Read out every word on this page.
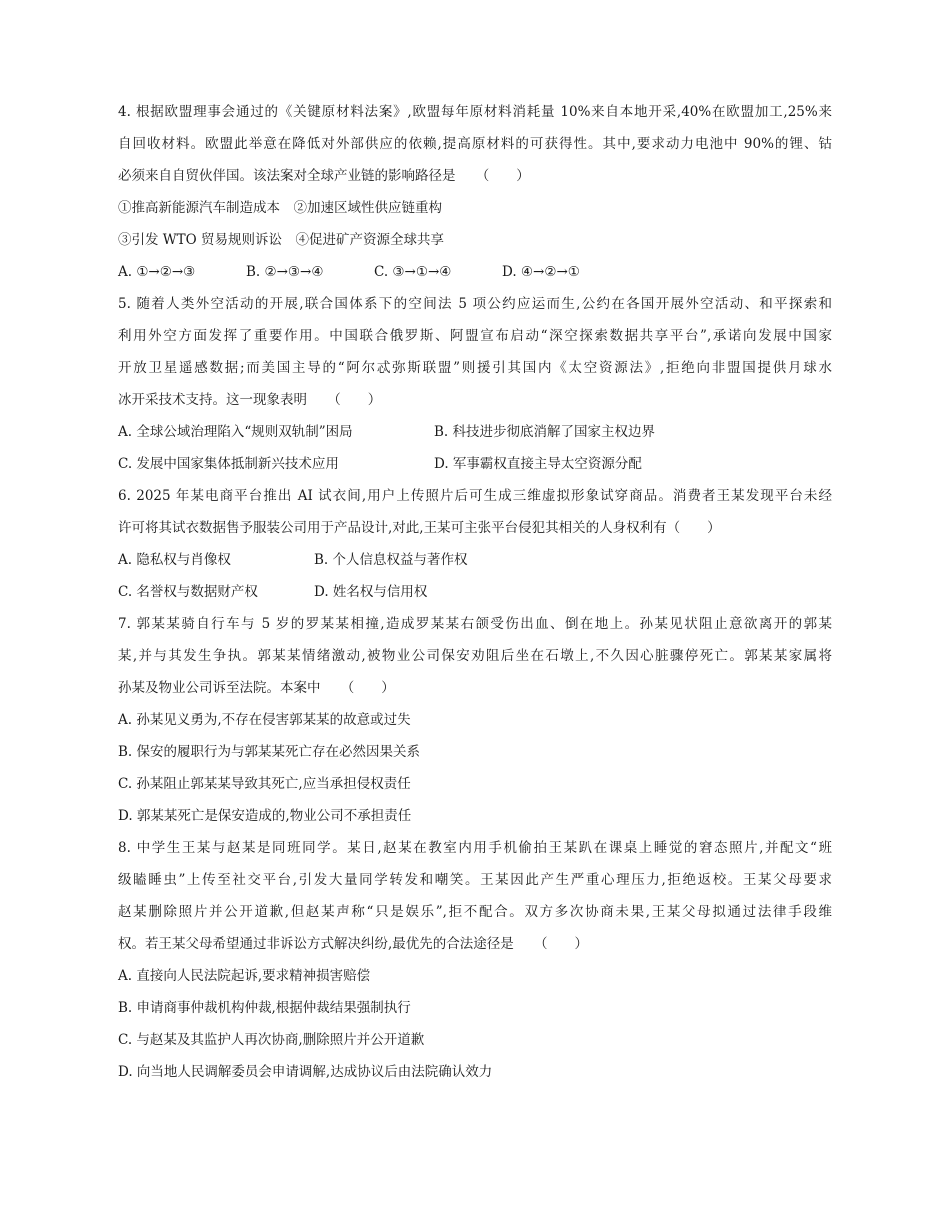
4. 根据欧盟理事会通过的《关键原材料法案》,欧盟每年原材料消耗量 10%来自本地开采,40%在欧盟加工,25%来
自回收材料。欧盟此举意在降低对外部供应的依赖,提高原材料的可获得性。其中,要求动力电池中 90%的锂、钴
必须来自自贸伙伴国。该法案对全球产业链的影响路径是　　（　　）
①推高新能源汽车制造成本　②加速区域性供应链重构
③引发 WTO 贸易规则诉讼　④促进矿产资源全球共享
A. ①→②→③	B. ②→③→④	C. ③→①→④	D. ④→②→①
5. 随着人类外空活动的开展,联合国体系下的空间法 5 项公约应运而生,公约在各国开展外空活动、和平探索和
利用外空方面发挥了重要作用。中国联合俄罗斯、阿盟宣布启动“深空探索数据共享平台”,承诺向发展中国家
开放卫星遥感数据;而美国主导的“阿尔忒弥斯联盟”则援引其国内《太空资源法》,拒绝向非盟国提供月球水
冰开采技术支持。这一现象表明　　（　　）
A. 全球公域治理陷入“规则双轨制”困局	B. 科技进步彻底消解了国家主权边界
C. 发展中国家集体抵制新兴技术应用	D. 军事霸权直接主导太空资源分配
6. 2025 年某电商平台推出 AI 试衣间,用户上传照片后可生成三维虚拟形象试穿商品。消费者王某发现平台未经
许可将其试衣数据售予服装公司用于产品设计,对此,王某可主张平台侵犯其相关的人身权利有（　　）
A. 隐私权与肖像权	B. 个人信息权益与著作权
C. 名誉权与数据财产权	D. 姓名权与信用权
7. 郭某某骑自行车与 5 岁的罗某某相撞,造成罗某某右颌受伤出血、倒在地上。孙某见状阻止意欲离开的郭某
某,并与其发生争执。郭某某情绪激动,被物业公司保安劝阻后坐在石墩上,不久因心脏骤停死亡。郭某某家属将
孙某及物业公司诉至法院。本案中　　（　　）
A. 孙某见义勇为,不存在侵害郭某某的故意或过失
B. 保安的履职行为与郭某某死亡存在必然因果关系
C. 孙某阻止郭某某导致其死亡,应当承担侵权责任
D. 郭某某死亡是保安造成的,物业公司不承担责任
8. 中学生王某与赵某是同班同学。某日,赵某在教室内用手机偷拍王某趴在课桌上睡觉的窘态照片,并配文“班
级瞌睡虫”上传至社交平台,引发大量同学转发和嘲笑。王某因此产生严重心理压力,拒绝返校。王某父母要求
赵某删除照片并公开道歉,但赵某声称“只是娱乐”,拒不配合。双方多次协商未果,王某父母拟通过法律手段维
权。若王某父母希望通过非诉讼方式解决纠纷,最优先的合法途径是　　（　　）
A. 直接向人民法院起诉,要求精神损害赔偿
B. 申请商事仲裁机构仲裁,根据仲裁结果强制执行
C. 与赵某及其监护人再次协商,删除照片并公开道歉
D. 向当地人民调解委员会申请调解,达成协议后由法院确认效力
